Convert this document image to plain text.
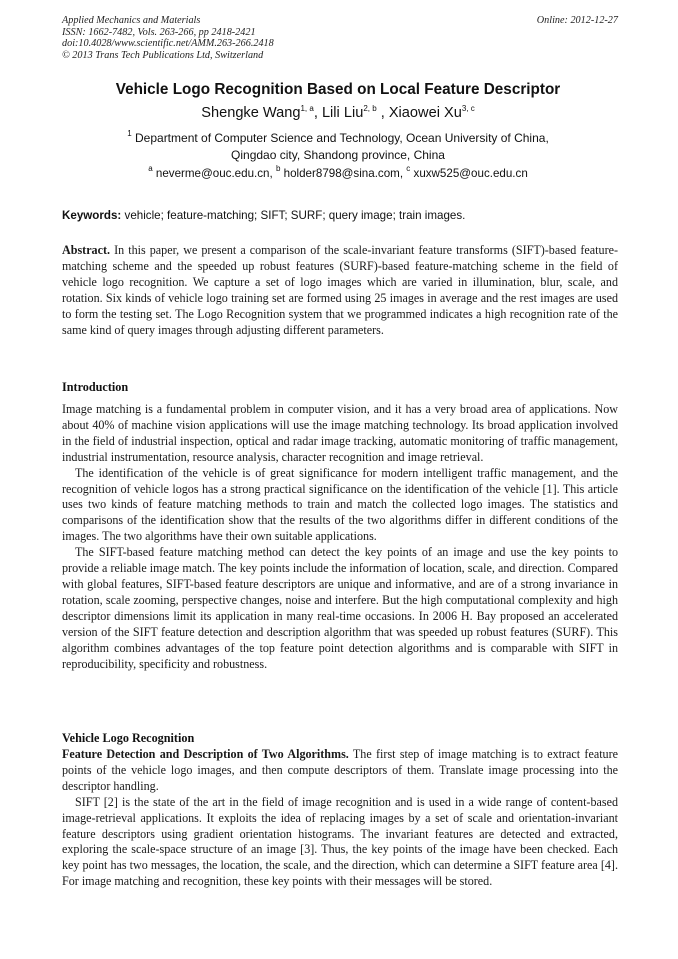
Applied Mechanics and Materials
ISSN: 1662-7482, Vols. 263-266, pp 2418-2421
doi:10.4028/www.scientific.net/AMM.263-266.2418
© 2013 Trans Tech Publications Ltd, Switzerland
Online: 2012-12-27
Vehicle Logo Recognition Based on Local Feature Descriptor
Shengke Wang$^{1, a}$, Lili Liu$^{2, b}$ , Xiaowei Xu$^{3, c}$
$^1$ Department of Computer Science and Technology, Ocean University of China,
Qingdao city, Shandong province, China
$^a$ neverme@ouc.edu.cn, $^b$ holder8798@sina.com, $^c$ xuxw525@ouc.edu.cn
Keywords: vehicle; feature-matching; SIFT; SURF; query image; train images.

Abstract. In this paper, we present a comparison of the scale-invariant feature transforms (SIFT)-based feature-matching scheme and the speeded up robust features (SURF)-based feature-matching scheme in the field of vehicle logo recognition. We capture a set of logo images which are varied in illumination, blur, scale, and rotation. Six kinds of vehicle logo training set are formed using 25 images in average and the rest images are used to form the testing set. The Logo Recognition system that we programmed indicates a high recognition rate of the same kind of query images through adjusting different parameters.

Introduction

Image matching is a fundamental problem in computer vision, and it has a very broad area of applications. Now about 40% of machine vision applications will use the image matching technology. Its broad application involved in the field of industrial inspection, optical and radar image tracking, automatic monitoring of traffic management, industrial instrumentation, resource analysis, character recognition and image retrieval.

The identification of the vehicle is of great significance for modern intelligent traffic management, and the recognition of vehicle logos has a strong practical significance on the identification of the vehicle [1]. This article uses two kinds of feature matching methods to train and match the collected logo images. The statistics and comparisons of the identification show that the results of the two algorithms differ in different conditions of the images. The two algorithms have their own suitable applications.

The SIFT-based feature matching method can detect the key points of an image and use the key points to provide a reliable image match. The key points include the information of location, scale, and direction. Compared with global features, SIFT-based feature descriptors are unique and informative, and are of a strong invariance in rotation, scale zooming, perspective changes, noise and interfere. But the high computational complexity and high descriptor dimensions limit its application in many real-time occasions. In 2006 H. Bay proposed an accelerated version of the SIFT feature detection and description algorithm that was speeded up robust features (SURF). This algorithm combines advantages of the top feature point detection algorithms and is comparable with SIFT in reproducibility, specificity and robustness.

Vehicle Logo Recognition

Feature Detection and Description of Two Algorithms. The first step of image matching is to extract feature points of the vehicle logo images, and then compute descriptors of them. Translate image processing into the descriptor handling.

SIFT [2] is the state of the art in the field of image recognition and is used in a wide range of content-based image-retrieval applications. It exploits the idea of replacing images by a set of scale and orientation-invariant feature descriptors using gradient orientation histograms. The invariant features are detected and extracted, exploring the scale-space structure of an image [3]. Thus, the key points of the image have been checked. Each key point has two messages, the location, the scale, and the direction, which can determine a SIFT feature area [4]. For image matching and recognition, these key points with their messages will be stored.
